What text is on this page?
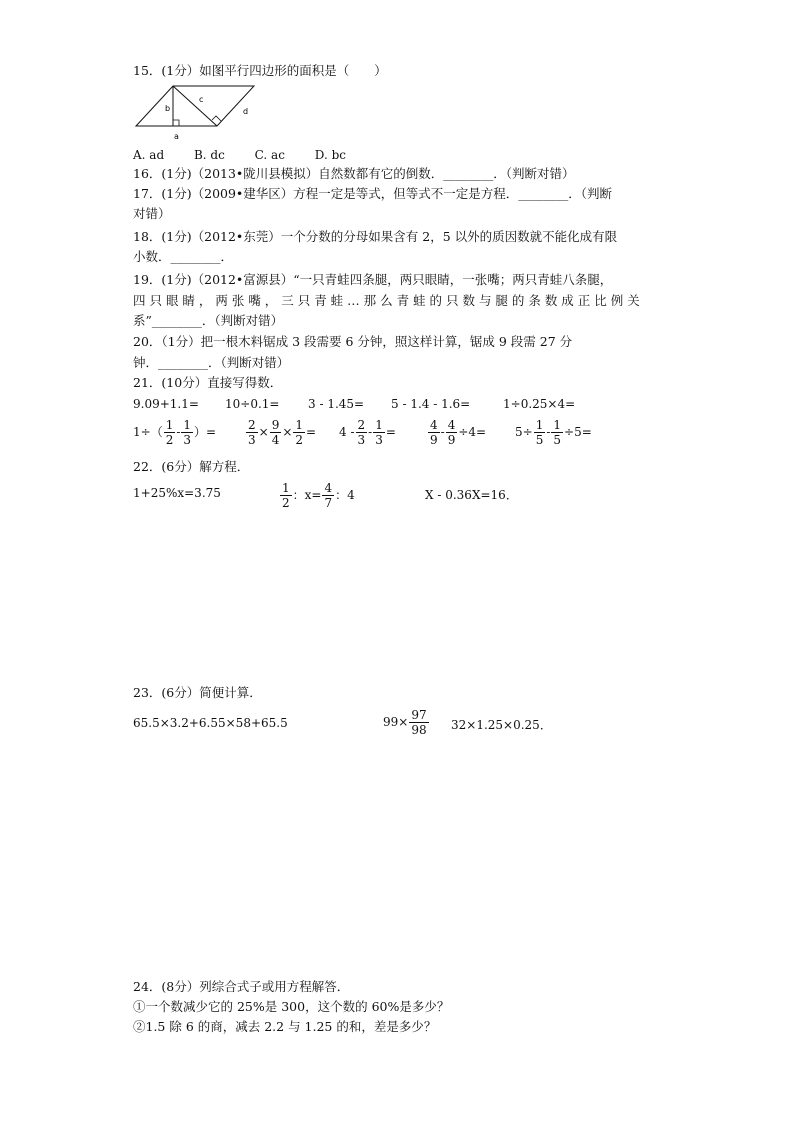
15．(1分）如图平行四边形的面积是（　　）
b
c
d
a
A. ad B. dc C. ac D. bc
16．(1分)（2013•陇川县模拟）自然数都有它的倒数．________．（判断对错）
17．(1分)（2009•建华区）方程一定是等式，但等式不一定是方程．________．（判断
对错）
18．(1分)（2012•东莞）一个分数的分母如果含有 2，5 以外的质因数就不能化成有限
小数．________．
19．(1分)（2012•富源县）“一只青蛙四条腿，两只眼睛，一张嘴；两只青蛙八条腿，
四 只 眼 睛 ， 两 张 嘴 ， 三 只 青 蛙 … 那 么 青 蛙 的 只 数 与 腿 的 条 数 成 正 比 例 关
系”________．（判断对错）
20．（1分）把一根木料锯成 3 段需要 6 分钟，照这样计算，锯成 9 段需 27 分
钟．________．（判断对错）
21．(10分）直接写得数．
9.09+1.1= 10÷0.1= 3 - 1.45= 5 - 1.4 - 1.6=	1÷0.25×4=
$1\div( \frac{1}{2} - \frac{1}{3}$ ）= $\frac{2}{3} \times \frac{9}{4} \times \frac{1}{2} = 4 - \frac{2}{3} - \frac{1}{3}$ =	$\frac{4}{9} - \frac{4}{9} \div 4= 5\div \frac{1}{5} - \frac{1}{5} \div 5=$
22．(6分）解方程．
1+25%x=3.75	$\frac{1}{2}$ ：$x= \frac{4}{7}$ ：4	X - 0.36X=16．
23．(6分）简便计算．
65.5×3.2+6.55×58+65.5	$99\times \frac{97}{98} 32\times 1.25\times 0.25$．
24．(8分）列综合式子或用方程解答．
①一个数减少它的 25%是 300，这个数的 60%是多少？
②1.5 除 6 的商，减去 2.2 与 1.25 的和，差是多少？
